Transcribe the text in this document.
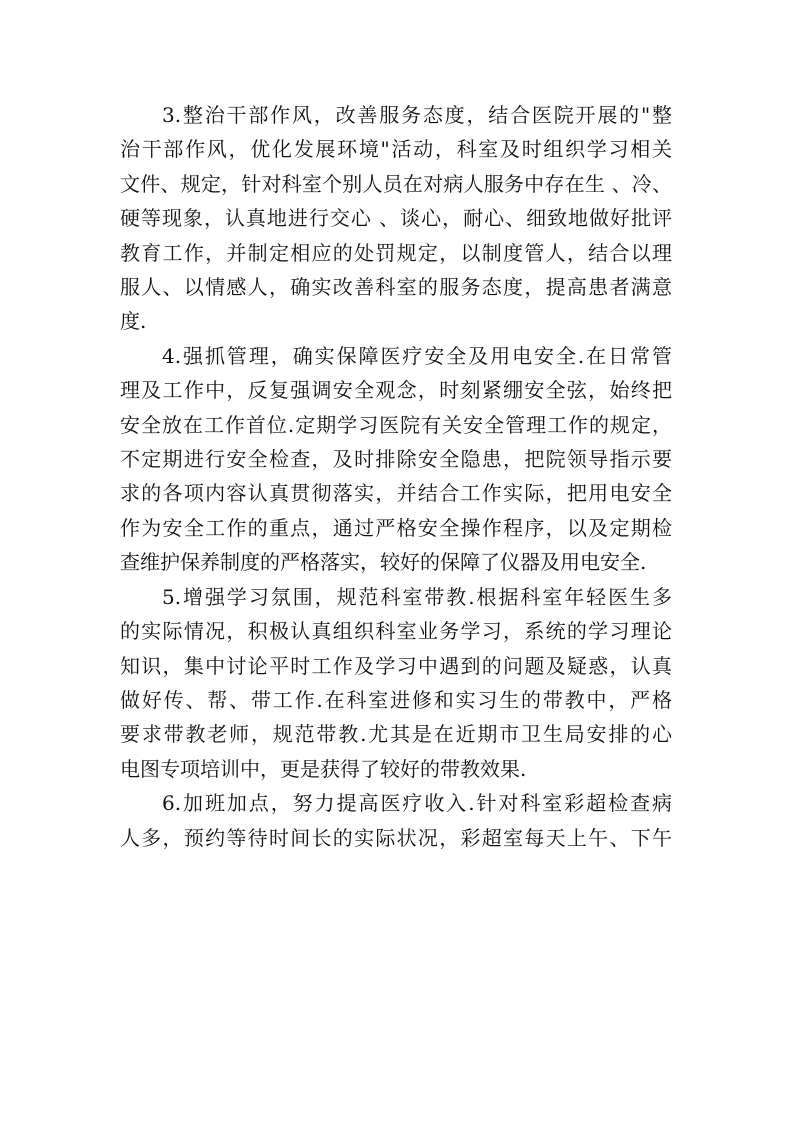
3.整治干部作风，改善服务态度，结合医院开展的"整
治干部作风，优化发展环境"活动，科室及时组织学习相关
文件、规定，针对科室个别人员在对病人服务中存在生 、冷、
硬等现象，认真地进行交心 、谈心，耐心、细致地做好批评
教育工作，并制定相应的处罚规定，以制度管人，结合以理
服人、以情感人，确实改善科室的服务态度，提高患者满意
度.
4.强抓管理，确实保障医疗安全及用电安全.在日常管
理及工作中，反复强调安全观念，时刻紧绷安全弦，始终把
安全放在工作首位.定期学习医院有关安全管理工作的规定，
不定期进行安全检查，及时排除安全隐患，把院领导指示要
求的各项内容认真贯彻落实，并结合工作实际，把用电安全
作为安全工作的重点，通过严格安全操作程序，以及定期检
查维护保养制度的严格落实，较好的保障了仪器及用电安全.
5.增强学习氛围，规范科室带教.根据科室年轻医生多
的实际情况，积极认真组织科室业务学习，系统的学习理论
知识，集中讨论平时工作及学习中遇到的问题及疑惑，认真
做好传、帮、带工作.在科室进修和实习生的带教中，严格
要求带教老师，规范带教.尤其是在近期市卫生局安排的心
电图专项培训中，更是获得了较好的带教效果.
6.加班加点，努力提高医疗收入.针对科室彩超检查病
人多，预约等待时间长的实际状况，彩超室每天上午、下午
